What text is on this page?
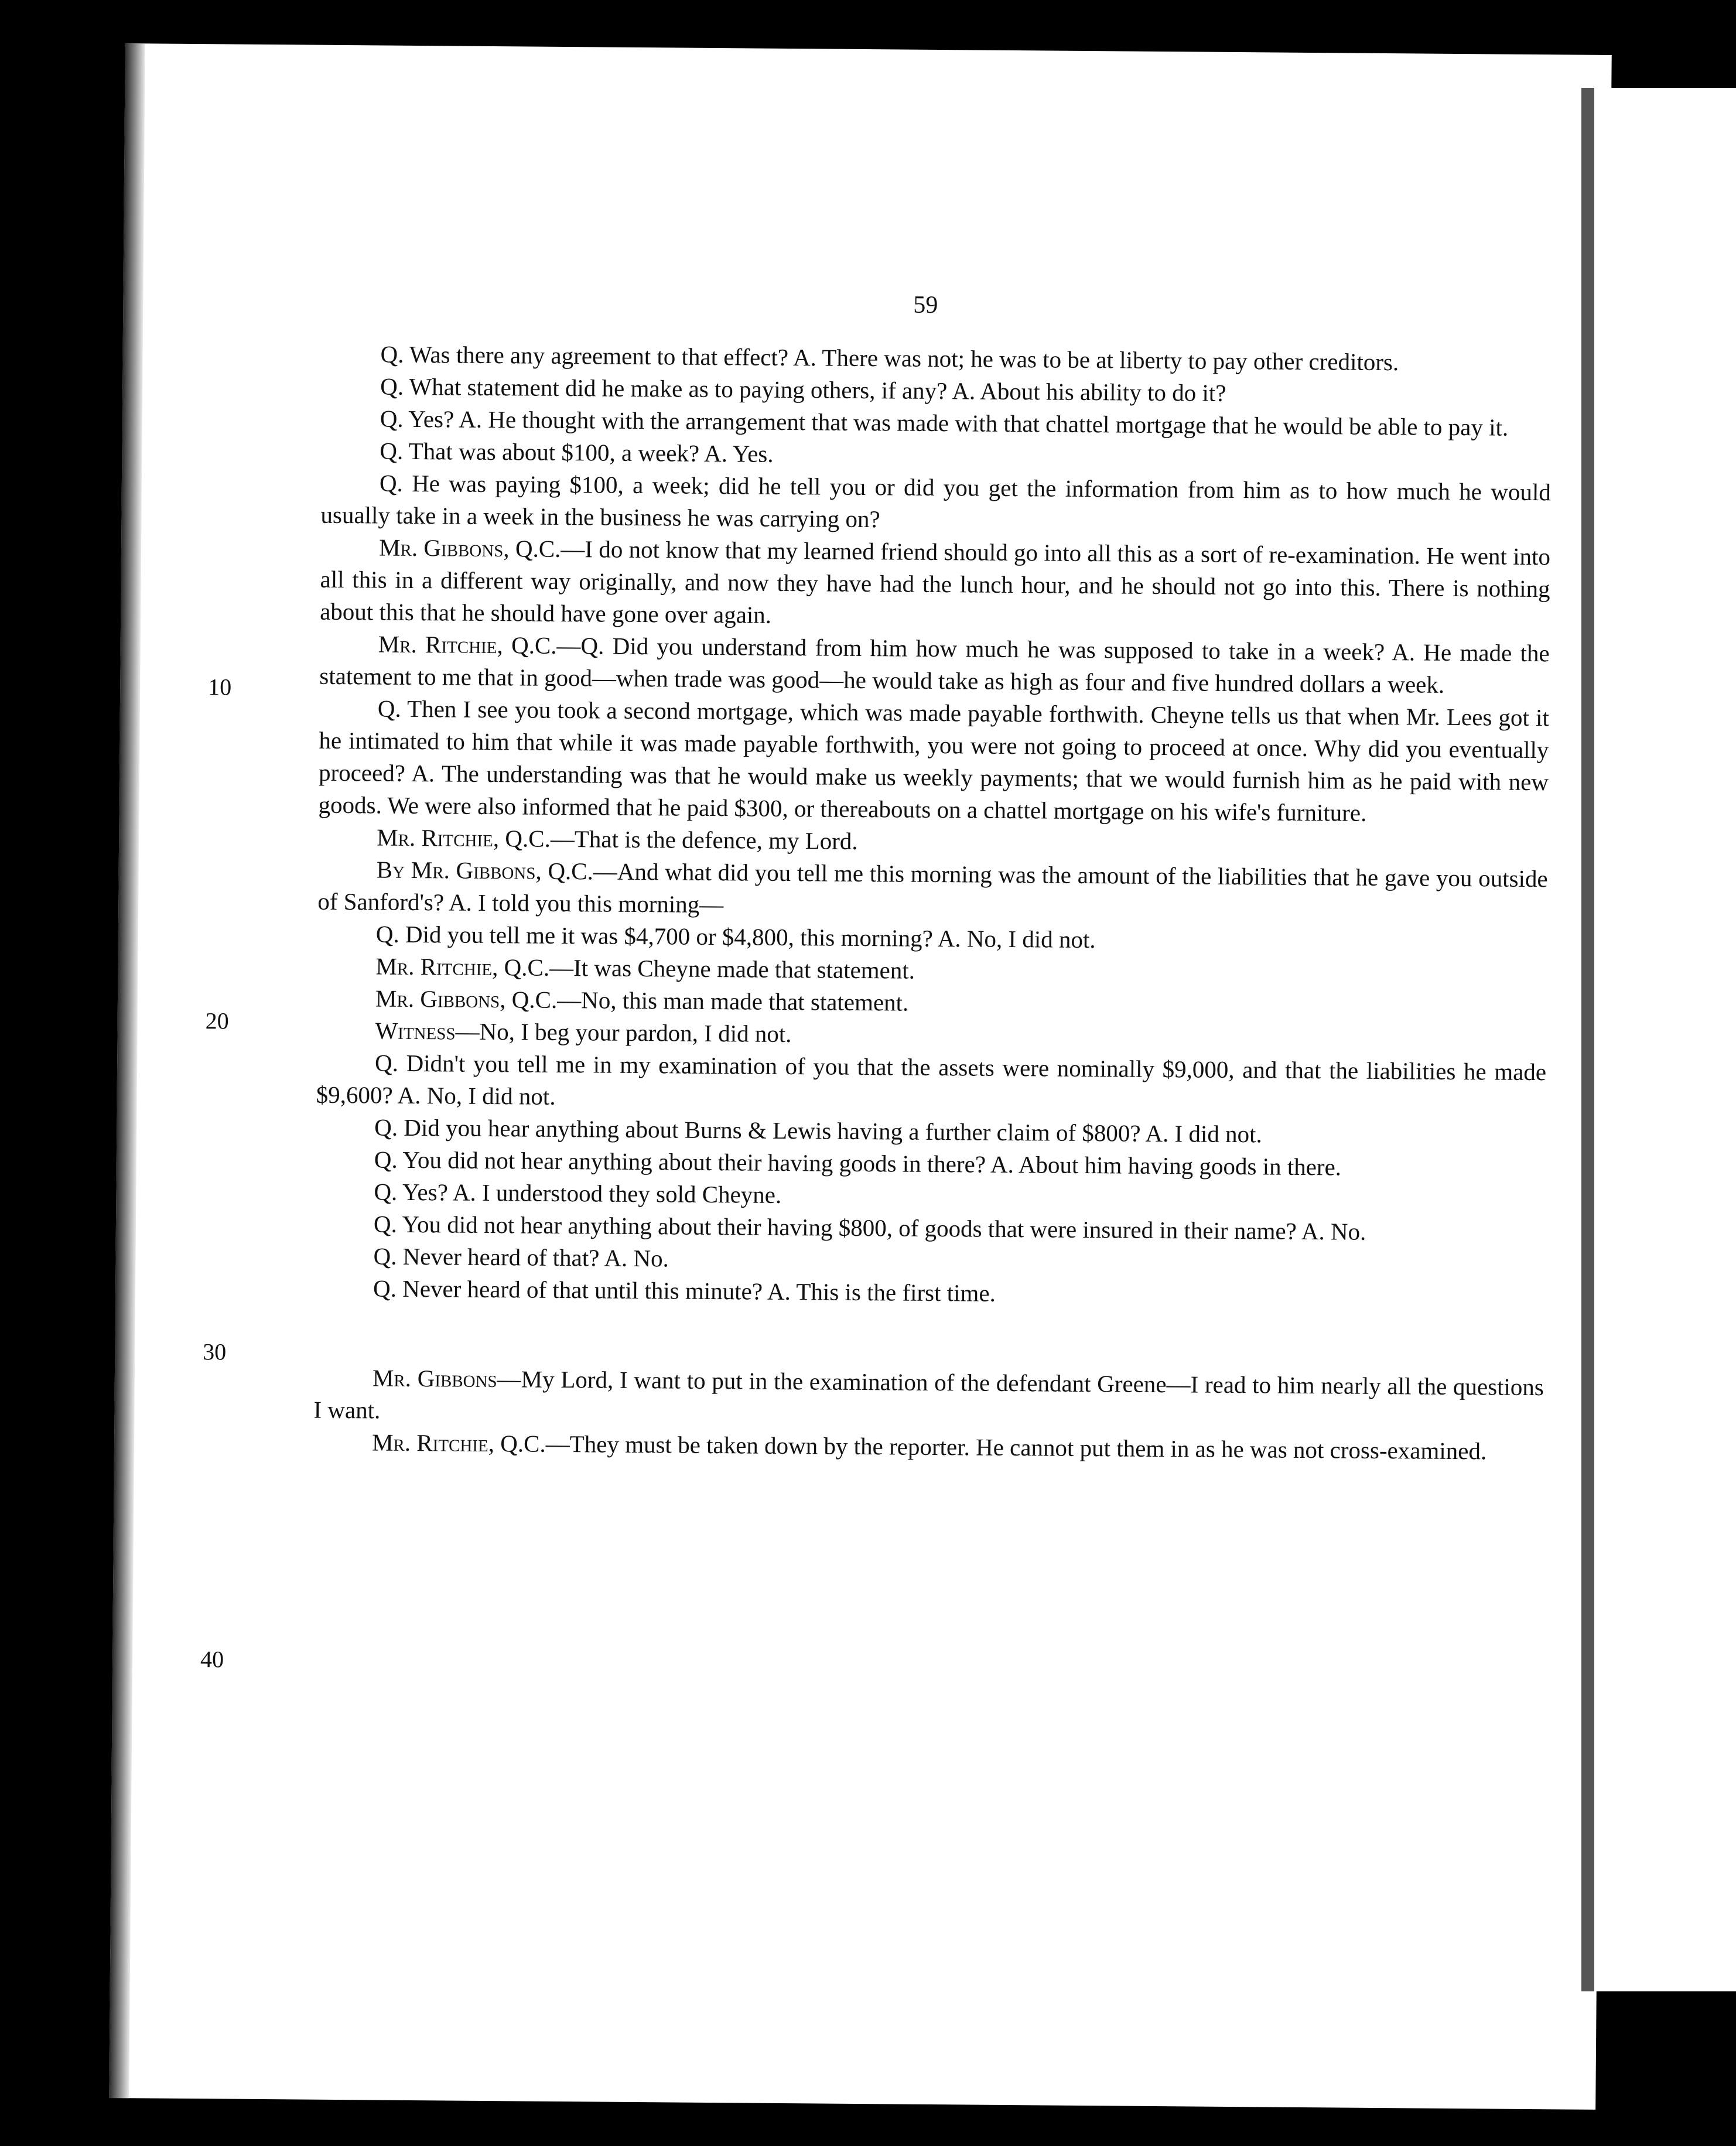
59
10
20
30
40

Q. Was there any agreement to that effect? A. There was not; he was to be at liberty to pay other creditors.

Q. What statement did he make as to paying others, if any? A. About his ability to do it?

Q. Yes? A. He thought with the arrangement that was made with that chattel mortgage that he would be able to pay it.

Q. That was about $100, a week? A. Yes.

Q. He was paying $100, a week; did he tell you or did you get the information from him as to how much he would usually take in a week in the business he was carrying on?

Mr. Gibbons, Q.C.—I do not know that my learned friend should go into all this as a sort of re-examination. He went into all this in a different way originally, and now they have had the lunch hour, and he should not go into this. There is nothing about this that he should have gone over again.

Mr. Ritchie, Q.C.—Q. Did you understand from him how much he was supposed to take in a week? A. He made the statement to me that in good—when trade was good—he would take as high as four and five hundred dollars a week.

Q. Then I see you took a second mortgage, which was made payable forthwith. Cheyne tells us that when Mr. Lees got it he intimated to him that while it was made payable forthwith, you were not going to proceed at once. Why did you eventually proceed? A. The understanding was that he would make us weekly payments; that we would furnish him as he paid with new goods. We were also informed that he paid $300, or thereabouts on a chattel mortgage on his wife's furniture.

Mr. Ritchie, Q.C.—That is the defence, my Lord.

By Mr. Gibbons, Q.C.—And what did you tell me this morning was the amount of the liabilities that he gave you outside of Sanford's? A. I told you this morning—

Q. Did you tell me it was $4,700 or $4,800, this morning? A. No, I did not.

Mr. Ritchie, Q.C.—It was Cheyne made that statement.

Mr. Gibbons, Q.C.—No, this man made that statement.

Witness—No, I beg your pardon, I did not.

Q. Didn't you tell me in my examination of you that the assets were nominally $9,000, and that the liabilities he made $9,600? A. No, I did not.

Q. Did you hear anything about Burns & Lewis having a further claim of $800? A. I did not.

Q. You did not hear anything about their having goods in there? A. About him having goods in there.

Q. Yes? A. I understood they sold Cheyne.

Q. You did not hear anything about their having $800, of goods that were insured in their name? A. No.

Q. Never heard of that? A. No.

Q. Never heard of that until this minute? A. This is the first time.

Mr. Gibbons—My Lord, I want to put in the examination of the defendant Greene—I read to him nearly all the questions I want.

Mr. Ritchie, Q.C.—They must be taken down by the reporter. He cannot put them in as he was not cross-examined.
